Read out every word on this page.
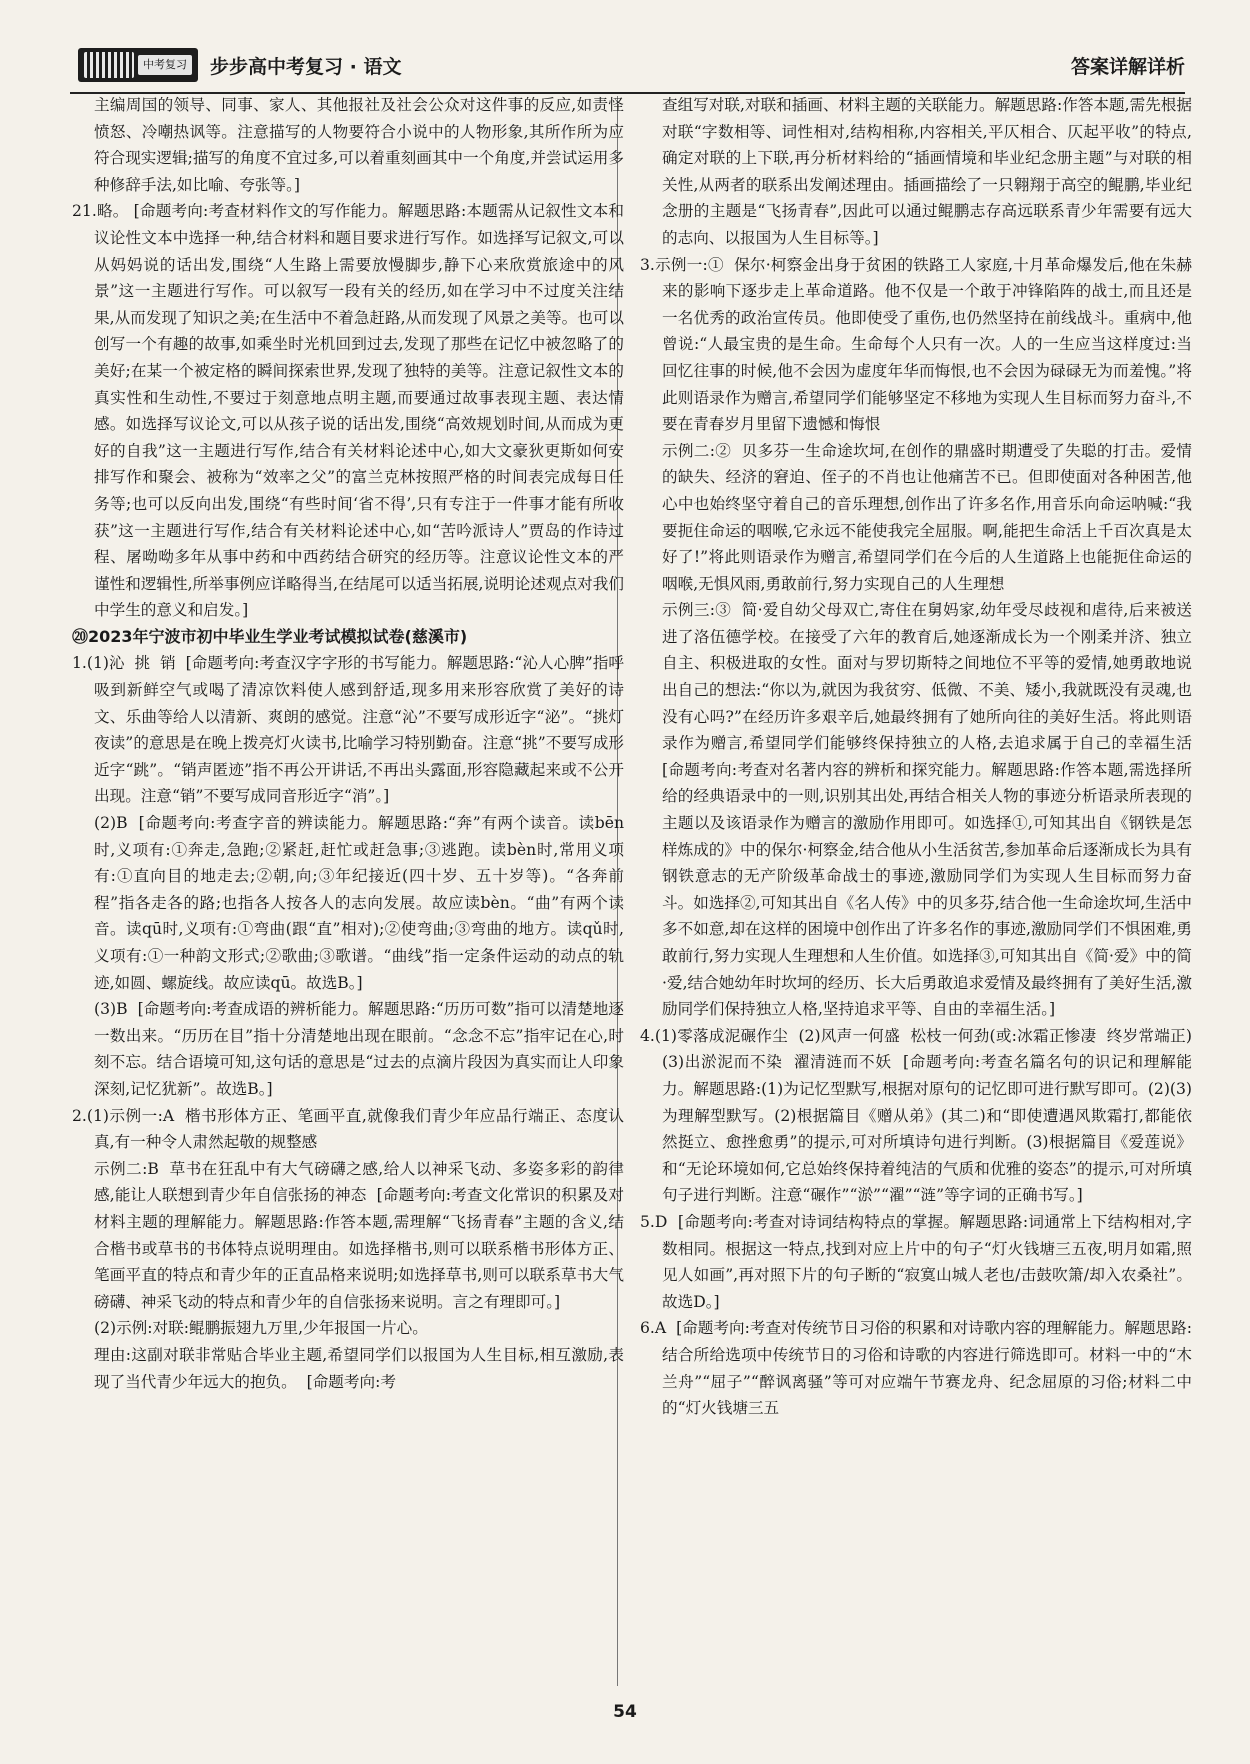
中考复习 步步高中考复习 · 语文	答案详解详析

主编周国的领导、同事、家人、其他报社及社会公众对这件事的反应,如责怪愤怒、冷嘲热讽等。注意描写的人物要符合小说中的人物形象,其所作所为应符合现实逻辑;描写的角度不宜过多,可以着重刻画其中一个角度,并尝试运用多种修辞手法,如比喻、夸张等。]

21.略。 [命题考向:考查材料作文的写作能力。解题思路:本题需从记叙性文本和议论性文本中选择一种,结合材料和题目要求进行写作。如选择写记叙文,可以从妈妈说的话出发,围绕“人生路上需要放慢脚步,静下心来欣赏旅途中的风景”这一主题进行写作。可以叙写一段有关的经历,如在学习中不过度关注结果,从而发现了知识之美;在生活中不着急赶路,从而发现了风景之美等。也可以创写一个有趣的故事,如乘坐时光机回到过去,发现了那些在记忆中被忽略了的美好;在某一个被定格的瞬间探索世界,发现了独特的美等。注意记叙性文本的真实性和生动性,不要过于刻意地点明主题,而要通过故事表现主题、表达情感。如选择写议论文,可以从孩子说的话出发,围绕“高效规划时间,从而成为更好的自我”这一主题进行写作,结合有关材料论述中心,如大文豪狄更斯如何安排写作和聚会、被称为“效率之父”的富兰克林按照严格的时间表完成每日任务等;也可以反向出发,围绕“有些时间‘省不得’,只有专注于一件事才能有所收获”这一主题进行写作,结合有关材料论述中心,如“苦吟派诗人”贾岛的作诗过程、屠呦呦多年从事中药和中西药结合研究的经历等。注意议论性文本的严谨性和逻辑性,所举事例应详略得当,在结尾可以适当拓展,说明论述观点对我们中学生的意义和启发。]

⑳2023年宁波市初中毕业生学业考试模拟试卷(慈溪市)

1.(1)沁  挑  销  [命题考向:考查汉字字形的书写能力。解题思路:“沁人心脾”指呼吸到新鲜空气或喝了清凉饮料使人感到舒适,现多用来形容欣赏了美好的诗文、乐曲等给人以清新、爽朗的感觉。注意“沁”不要写成形近字“泌”。“挑灯夜读”的意思是在晚上拨亮灯火读书,比喻学习特别勤奋。注意“挑”不要写成形近字“跳”。“销声匿迹”指不再公开讲话,不再出头露面,形容隐藏起来或不公开出现。注意“销”不要写成同音形近字“消”。]

(2)B  [命题考向:考查字音的辨读能力。解题思路:“奔”有两个读音。读bēn时,义项有:①奔走,急跑;②紧赶,赶忙或赶急事;③逃跑。读bèn时,常用义项有:①直向目的地走去;②朝,向;③年纪接近(四十岁、五十岁等)。“各奔前程”指各走各的路;也指各人按各人的志向发展。故应读bèn。“曲”有两个读音。读qū时,义项有:①弯曲(跟“直”相对);②使弯曲;③弯曲的地方。读qǔ时,义项有:①一种韵文形式;②歌曲;③歌谱。“曲线”指一定条件运动的动点的轨迹,如圆、螺旋线。故应读qū。故选B。]

(3)B  [命题考向:考查成语的辨析能力。解题思路:“历历可数”指可以清楚地逐一数出来。“历历在目”指十分清楚地出现在眼前。“念念不忘”指牢记在心,时刻不忘。结合语境可知,这句话的意思是“过去的点滴片段因为真实而让人印象深刻,记忆犹新”。故选B。]

2.(1)示例一:A  楷书形体方正、笔画平直,就像我们青少年应品行端正、态度认真,有一种令人肃然起敬的规整感

示例二:B  草书在狂乱中有大气磅礴之感,给人以神采飞动、多姿多彩的韵律感,能让人联想到青少年自信张扬的神态  [命题考向:考查文化常识的积累及对材料主题的理解能力。解题思路:作答本题,需理解“飞扬青春”主题的含义,结合楷书或草书的书体特点说明理由。如选择楷书,则可以联系楷书形体方正、笔画平直的特点和青少年的正直品格来说明;如选择草书,则可以联系草书大气磅礴、神采飞动的特点和青少年的自信张扬来说明。言之有理即可。]

(2)示例:对联:鲲鹏振翅九万里,少年报国一片心。

理由:这副对联非常贴合毕业主题,希望同学们以报国为人生目标,相互激励,表现了当代青少年远大的抱负。  [命题考向:考

查组写对联,对联和插画、材料主题的关联能力。解题思路:作答本题,需先根据对联“字数相等、词性相对,结构相称,内容相关,平仄相合、仄起平收”的特点,确定对联的上下联,再分析材料给的“插画情境和毕业纪念册主题”与对联的相关性,从两者的联系出发阐述理由。插画描绘了一只翱翔于高空的鲲鹏,毕业纪念册的主题是“飞扬青春”,因此可以通过鲲鹏志存高远联系青少年需要有远大的志向、以报国为人生目标等。]

3.示例一:①  保尔·柯察金出身于贫困的铁路工人家庭,十月革命爆发后,他在朱赫来的影响下逐步走上革命道路。他不仅是一个敢于冲锋陷阵的战士,而且还是一名优秀的政治宣传员。他即使受了重伤,也仍然坚持在前线战斗。重病中,他曾说:“人最宝贵的是生命。生命每个人只有一次。人的一生应当这样度过:当回忆往事的时候,他不会因为虚度年华而悔恨,也不会因为碌碌无为而羞愧。”将此则语录作为赠言,希望同学们能够坚定不移地为实现人生目标而努力奋斗,不要在青春岁月里留下遗憾和悔恨

示例二:②  贝多芬一生命途坎坷,在创作的鼎盛时期遭受了失聪的打击。爱情的缺失、经济的窘迫、侄子的不肖也让他痛苦不已。但即使面对各种困苦,他心中也始终坚守着自己的音乐理想,创作出了许多名作,用音乐向命运呐喊:“我要扼住命运的咽喉,它永远不能使我完全屈服。啊,能把生命活上千百次真是太好了!”将此则语录作为赠言,希望同学们在今后的人生道路上也能扼住命运的咽喉,无惧风雨,勇敢前行,努力实现自己的人生理想

示例三:③  简·爱自幼父母双亡,寄住在舅妈家,幼年受尽歧视和虐待,后来被送进了洛伍德学校。在接受了六年的教育后,她逐渐成长为一个刚柔并济、独立自主、积极进取的女性。面对与罗切斯特之间地位不平等的爱情,她勇敢地说出自己的想法:“你以为,就因为我贫穷、低微、不美、矮小,我就既没有灵魂,也没有心吗?”在经历许多艰辛后,她最终拥有了她所向往的美好生活。将此则语录作为赠言,希望同学们能够终保持独立的人格,去追求属于自己的幸福生活  [命题考向:考查对名著内容的辨析和探究能力。解题思路:作答本题,需选择所给的经典语录中的一则,识别其出处,再结合相关人物的事迹分析语录所表现的主题以及该语录作为赠言的激励作用即可。如选择①,可知其出自《钢铁是怎样炼成的》中的保尔·柯察金,结合他从小生活贫苦,参加革命后逐渐成长为具有钢铁意志的无产阶级革命战士的事迹,激励同学们为实现人生目标而努力奋斗。如选择②,可知其出自《名人传》中的贝多芬,结合他一生命途坎坷,生活中多不如意,却在这样的困境中创作出了许多名作的事迹,激励同学们不惧困难,勇敢前行,努力实现人生理想和人生价值。如选择③,可知其出自《简·爱》中的简·爱,结合她幼年时坎坷的经历、长大后勇敢追求爱情及最终拥有了美好生活,激励同学们保持独立人格,坚持追求平等、自由的幸福生活。]

4.(1)零落成泥碾作尘  (2)风声一何盛  松枝一何劲(或:冰霜正惨凄  终岁常端正)  (3)出淤泥而不染  濯清涟而不妖  [命题考向:考查名篇名句的识记和理解能力。解题思路:(1)为记忆型默写,根据对原句的记忆即可进行默写即可。(2)(3)为理解型默写。(2)根据篇目《赠从弟》(其二)和“即使遭遇风欺霜打,都能依然挺立、愈挫愈勇”的提示,可对所填诗句进行判断。(3)根据篇目《爱莲说》和“无论环境如何,它总始终保持着纯洁的气质和优雅的姿态”的提示,可对所填句子进行判断。注意“碾作”“淤”“濯”“涟”等字词的正确书写。]

5.D  [命题考向:考查对诗词结构特点的掌握。解题思路:词通常上下结构相对,字数相同。根据这一特点,找到对应上片中的句子“灯火钱塘三五夜,明月如霜,照见人如画”,再对照下片的句子断的“寂寞山城人老也/击鼓吹箫/却入农桑社”。故选D。]

6.A  [命题考向:考查对传统节日习俗的积累和对诗歌内容的理解能力。解题思路:结合所给选项中传统节日的习俗和诗歌的内容进行筛选即可。材料一中的“木兰舟”“屈子”“醉讽离骚”等可对应端午节赛龙舟、纪念屈原的习俗;材料二中的“灯火钱塘三五

54
